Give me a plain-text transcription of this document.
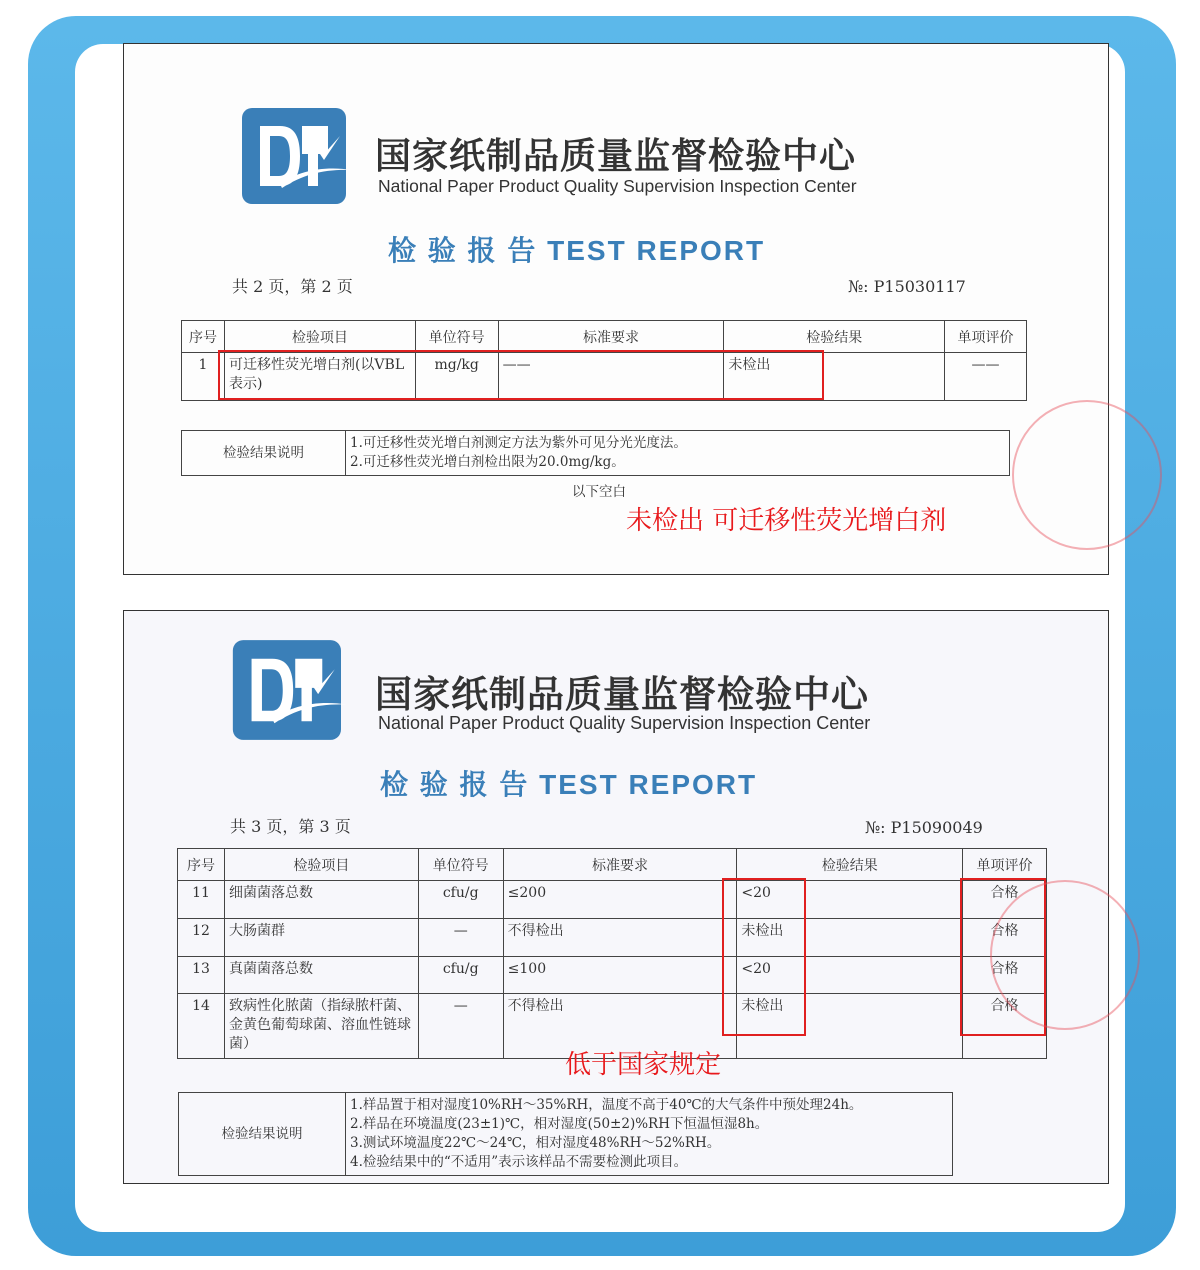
国家纸制品质量监督检验中心
National Paper Product Quality Supervision Inspection Center
检 验 报 告 TEST REPORT
共 2 页，第 2 页	№: P15030117
序号	检验项目	单位符号	标准要求	检验结果	单项评价
1	可迁移性荧光增白剂(以VBL表示)	mg/kg	——	未检出	——
检验结果说明	
1.可迁移性荧光增白剂测定方法为紫外可见分光光度法。
2.可迁移性荧光增白剂检出限为20.0mg/kg。
以下空白
未检出 可迁移性荧光增白剂
国家纸制品质量监督检验中心
National Paper Product Quality Supervision Inspection Center
检 验 报 告 TEST REPORT
共 3 页，第 3 页	№: P15090049
序号	检验项目	单位符号	标准要求	检验结果	单项评价
11	细菌菌落总数	cfu/g	≤200	<20	合格
12	大肠菌群	—	不得检出	未检出	合格
13	真菌菌落总数	cfu/g	≤100	<20	合格
14	致病性化脓菌（指绿脓杆菌、金黄色葡萄球菌、溶血性链球菌）	—	不得检出	未检出	合格
低于国家规定
检验结果说明	
1.样品置于相对湿度10%RH～35%RH，温度不高于40℃的大气条件中预处理24h。
2.样品在环境温度(23±1)℃，相对湿度(50±2)%RH下恒温恒湿8h。
3.测试环境温度22℃～24℃，相对湿度48%RH～52%RH。
4.检验结果中的“不适用”表示该样品不需要检测此项目。
